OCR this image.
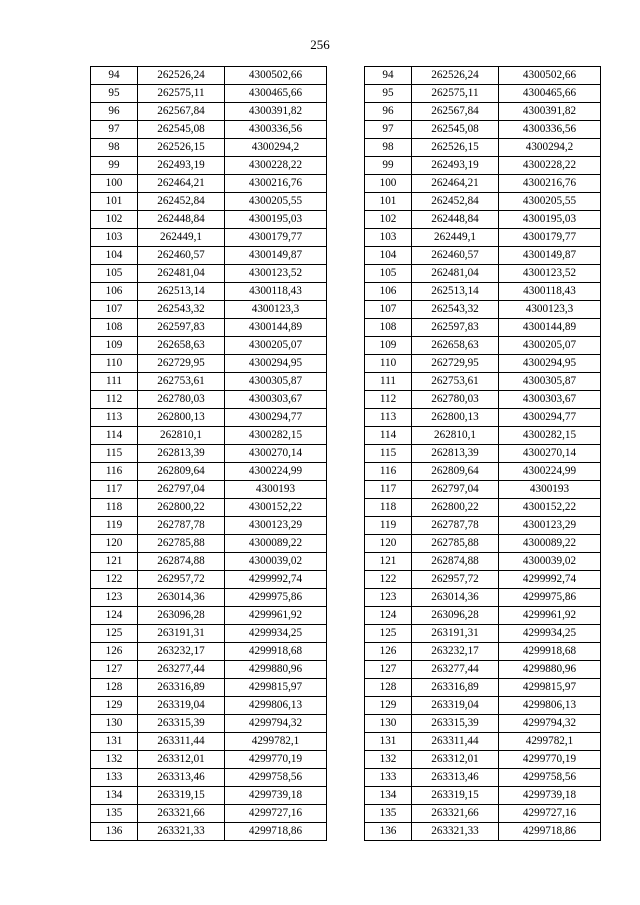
256
94	262526,24	4300502,66
95	262575,11	4300465,66
96	262567,84	4300391,82
97	262545,08	4300336,56
98	262526,15	4300294,2
99	262493,19	4300228,22
100	262464,21	4300216,76
101	262452,84	4300205,55
102	262448,84	4300195,03
103	262449,1	4300179,77
104	262460,57	4300149,87
105	262481,04	4300123,52
106	262513,14	4300118,43
107	262543,32	4300123,3
108	262597,83	4300144,89
109	262658,63	4300205,07
110	262729,95	4300294,95
111	262753,61	4300305,87
112	262780,03	4300303,67
113	262800,13	4300294,77
114	262810,1	4300282,15
115	262813,39	4300270,14
116	262809,64	4300224,99
117	262797,04	4300193
118	262800,22	4300152,22
119	262787,78	4300123,29
120	262785,88	4300089,22
121	262874,88	4300039,02
122	262957,72	4299992,74
123	263014,36	4299975,86
124	263096,28	4299961,92
125	263191,31	4299934,25
126	263232,17	4299918,68
127	263277,44	4299880,96
128	263316,89	4299815,97
129	263319,04	4299806,13
130	263315,39	4299794,32
131	263311,44	4299782,1
132	263312,01	4299770,19
133	263313,46	4299758,56
134	263319,15	4299739,18
135	263321,66	4299727,16
136	263321,33	4299718,86
94	262526,24	4300502,66
95	262575,11	4300465,66
96	262567,84	4300391,82
97	262545,08	4300336,56
98	262526,15	4300294,2
99	262493,19	4300228,22
100	262464,21	4300216,76
101	262452,84	4300205,55
102	262448,84	4300195,03
103	262449,1	4300179,77
104	262460,57	4300149,87
105	262481,04	4300123,52
106	262513,14	4300118,43
107	262543,32	4300123,3
108	262597,83	4300144,89
109	262658,63	4300205,07
110	262729,95	4300294,95
111	262753,61	4300305,87
112	262780,03	4300303,67
113	262800,13	4300294,77
114	262810,1	4300282,15
115	262813,39	4300270,14
116	262809,64	4300224,99
117	262797,04	4300193
118	262800,22	4300152,22
119	262787,78	4300123,29
120	262785,88	4300089,22
121	262874,88	4300039,02
122	262957,72	4299992,74
123	263014,36	4299975,86
124	263096,28	4299961,92
125	263191,31	4299934,25
126	263232,17	4299918,68
127	263277,44	4299880,96
128	263316,89	4299815,97
129	263319,04	4299806,13
130	263315,39	4299794,32
131	263311,44	4299782,1
132	263312,01	4299770,19
133	263313,46	4299758,56
134	263319,15	4299739,18
135	263321,66	4299727,16
136	263321,33	4299718,86
